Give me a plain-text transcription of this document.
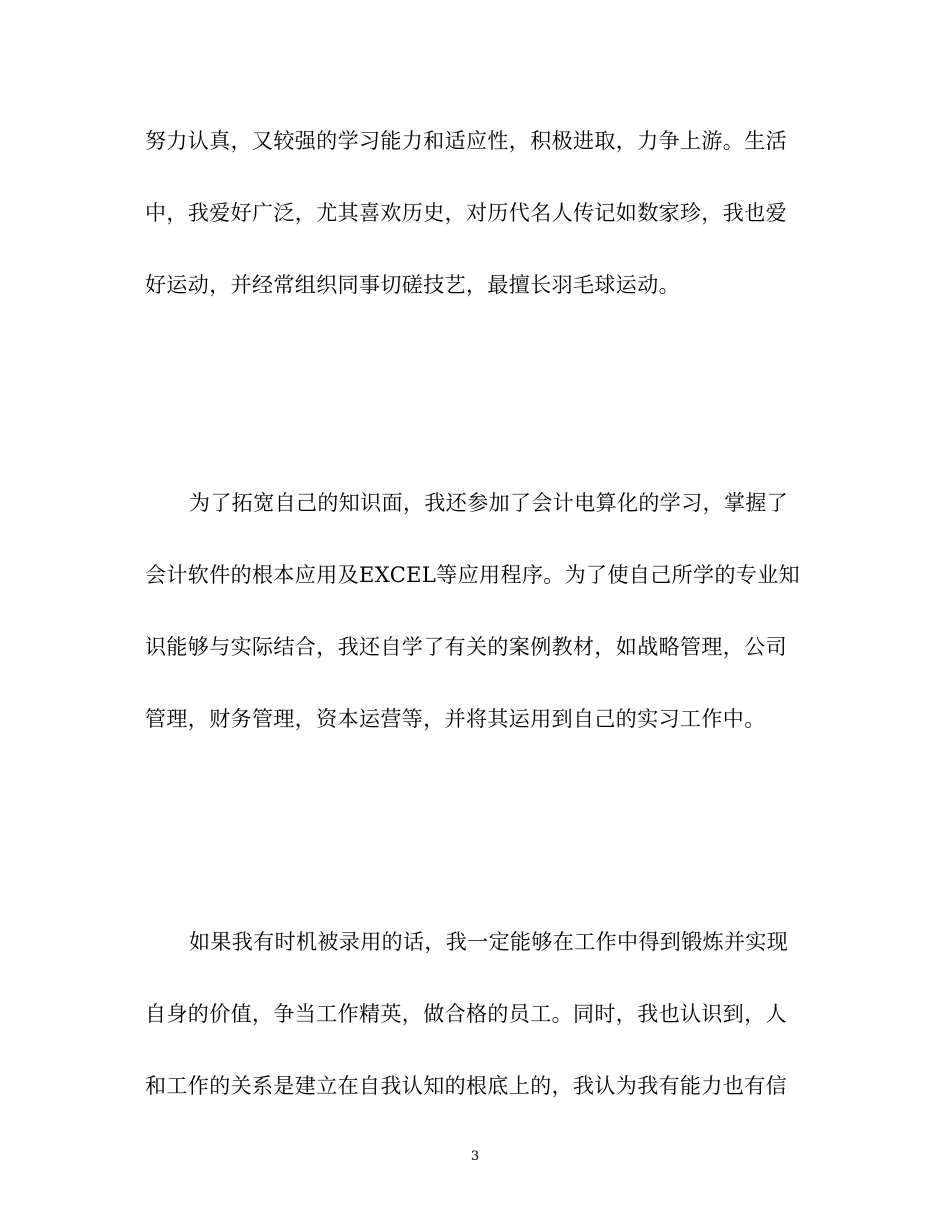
努力认真，又较强的学习能力和适应性，积极进取，力争上游。生活
中，我爱好广泛，尤其喜欢历史，对历代名人传记如数家珍，我也爱
好运动，并经常组织同事切磋技艺，最擅长羽毛球运动。
为了拓宽自己的知识面，我还参加了会计电算化的学习，掌握了
会计软件的根本应用及EXCEL等应用程序。为了使自己所学的专业知
识能够与实际结合，我还自学了有关的案例教材，如战略管理，公司
管理，财务管理，资本运营等，并将其运用到自己的实习工作中。
如果我有时机被录用的话，我一定能够在工作中得到锻炼并实现
自身的价值，争当工作精英，做合格的员工。同时，我也认识到，人
和工作的关系是建立在自我认知的根底上的，我认为我有能力也有信
3
